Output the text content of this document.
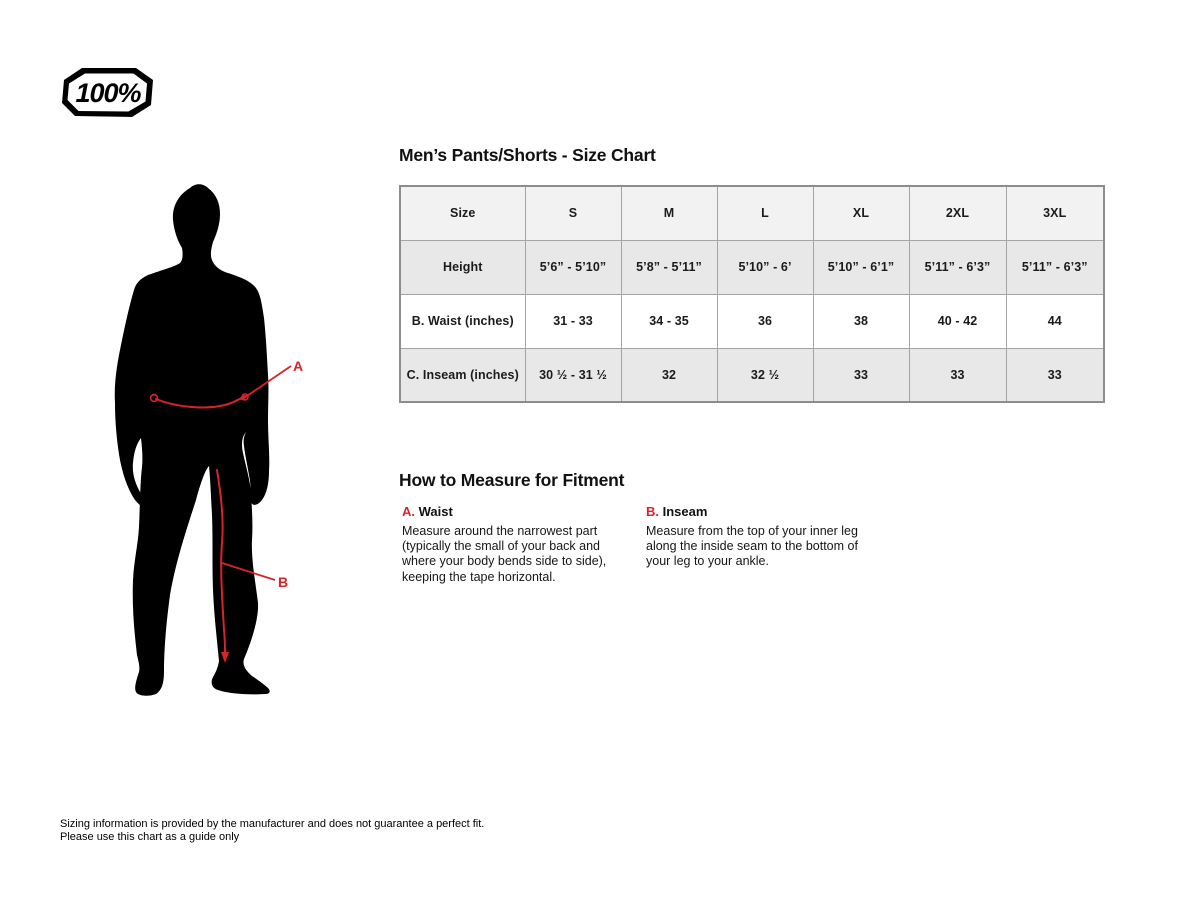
100%
A
B
Men’s Pants/Shorts - Size Chart
Size	S	M	L	XL	2XL	3XL
Height	5’6” - 5’10”	5’8” - 5’11”	5’10” - 6’	5’10” - 6’1”	5’11” - 6’3”	5’11” - 6’3”
B. Waist (inches)	31 - 33	34 - 35	36	38	40 - 42	44
C. Inseam (inches)	30 ½ - 31 ½	32	32 ½	33	33	33
How to Measure for Fitment
A. Waist
Measure around the narrowest part (typically the small of your back and where your body bends side to side), keeping the tape horizontal.
B. Inseam
Measure from the top of your inner leg along the inside seam to the bottom of your leg to your ankle.
Sizing information is provided by the manufacturer and does not guarantee a perfect fit.
Please use this chart as a guide only
